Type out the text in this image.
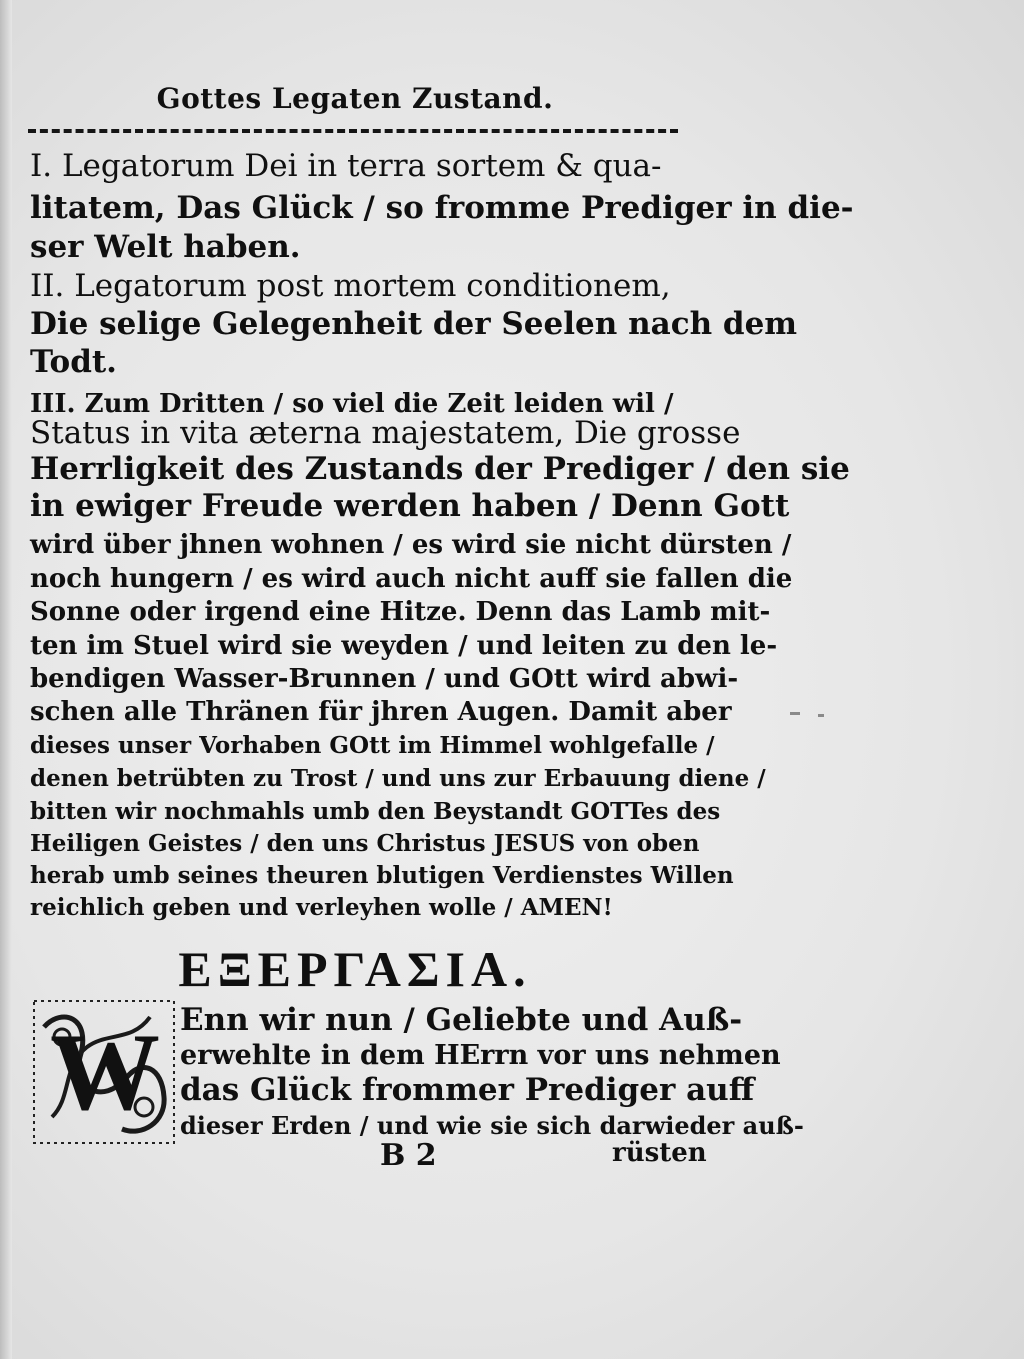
Gottes Legaten Zustand.
I. Legatorum Dei in terra sortem & qua-
litatem, Das Glück / so fromme Prediger in die-
ser Welt haben.
II. Legatorum post mortem conditionem,
Die selige Gelegenheit der Seelen nach dem
Todt.
III. Zum Dritten / so viel die Zeit leiden wil /
Status in vita æterna majestatem, Die grosse
Herrligkeit des Zustands der Prediger / den sie
in ewiger Freude werden haben / Denn Gott
wird über jhnen wohnen / es wird sie nicht dürsten /
noch hungern / es wird auch nicht auff sie fallen die
Sonne oder irgend eine Hitze. Denn das Lamb mit-
ten im Stuel wird sie weyden / und leiten zu den le-
bendigen Wasser-Brunnen / und GOtt wird abwi-
schen alle Thränen für jhren Augen. Damit aber
dieses unser Vorhaben GOtt im Himmel wohlgefalle /
denen betrübten zu Trost / und uns zur Erbauung diene /
bitten wir nochmahls umb den Beystandt GOTTes des
Heiligen Geistes / den uns Christus JESUS von oben
herab umb seines theuren blutigen Verdienstes Willen
reichlich geben und verleyhen wolle / AMEN!
ΕΞΕΡΓΑΣΙΑ.
W Enn wir nun / Geliebte und Auß-
erwehlte in dem HErrn vor uns nehmen
das Glück frommer Prediger auff
dieser Erden / und wie sie sich darwieder auß-
B 2	rüsten
